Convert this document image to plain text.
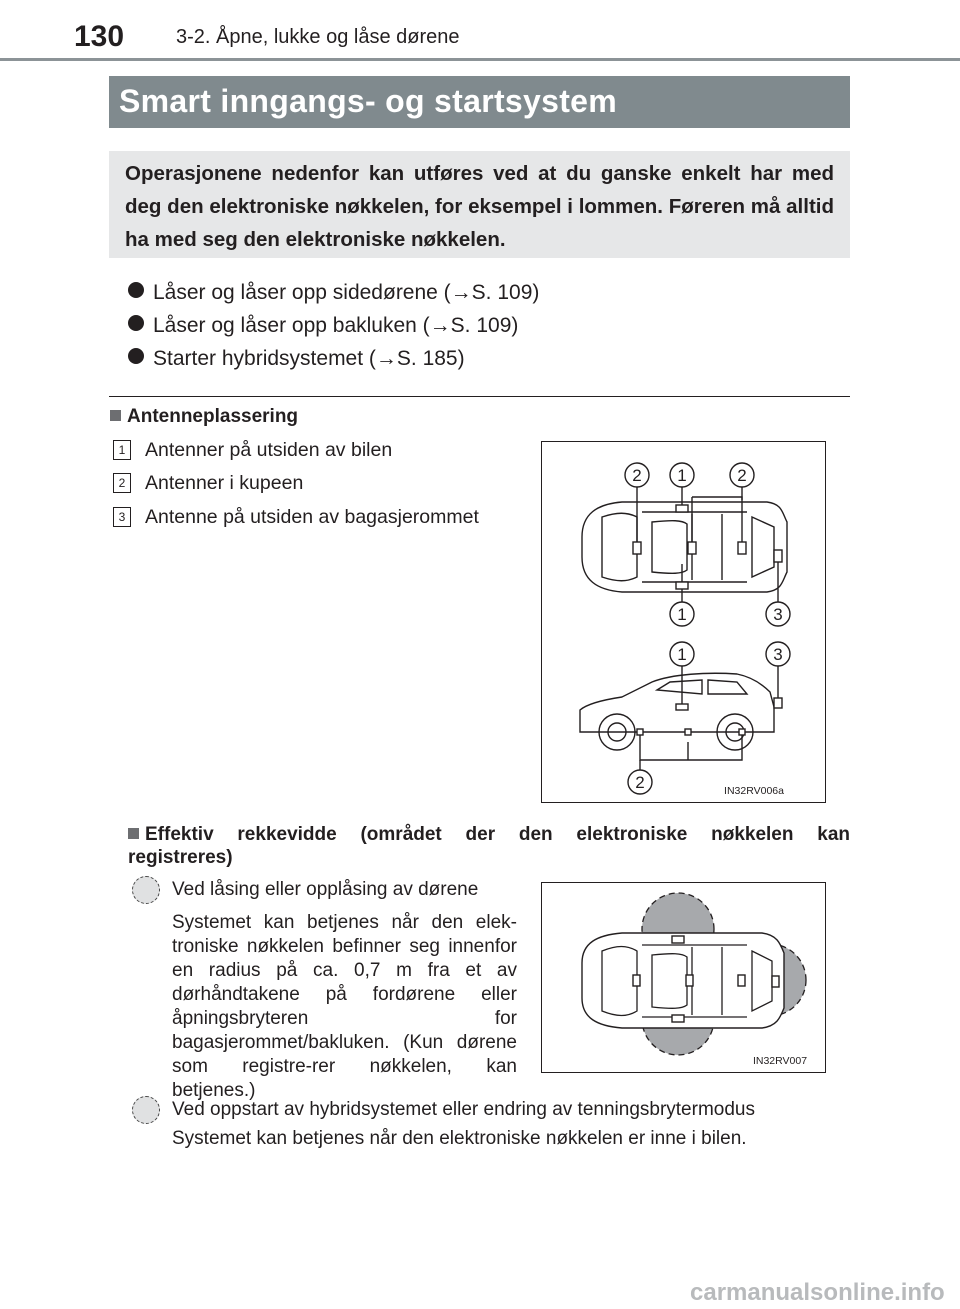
130	3-2. Åpne, lukke og låse dørene
Smart inngangs- og startsystem

Operasjonene nedenfor kan utføres ved at du ganske enkelt har med deg den elektroniske nøkkelen, for eksempel i lommen. Føreren må alltid ha med seg den elektroniske nøkkelen.

Låser og låser opp sidedørene (→S. 109)
Låser og låser opp bakluken (→S. 109)
Starter hybridsystemet (→S. 185)
Antenneplassering
1 Antenner på utsiden av bilen
2 Antenner i kupeen
3 Antenne på utsiden av bagasjerommet
2 1	2
1	3
1	3
2	IN32RV006a
Effektiv rekkevidde (området der den elektroniske nøkkelen kan
registreres)
Ved låsing eller opplåsing av dørene
Systemet kan betjenes når den elek-troniske nøkkelen befinner seg innenfor en radius på ca. 0,7 m fra et av dørhåndtakene på fordørene eller åpningsbryteren for bagasjerommet/bakluken. (Kun dørene som registre-rer nøkkelen, kan betjenes.)
IN32RV007
Ved oppstart av hybridsystemet eller endring av tenningsbrytermodus
Systemet kan betjenes når den elektroniske nøkkelen er inne i bilen.
carmanualsonline.info
